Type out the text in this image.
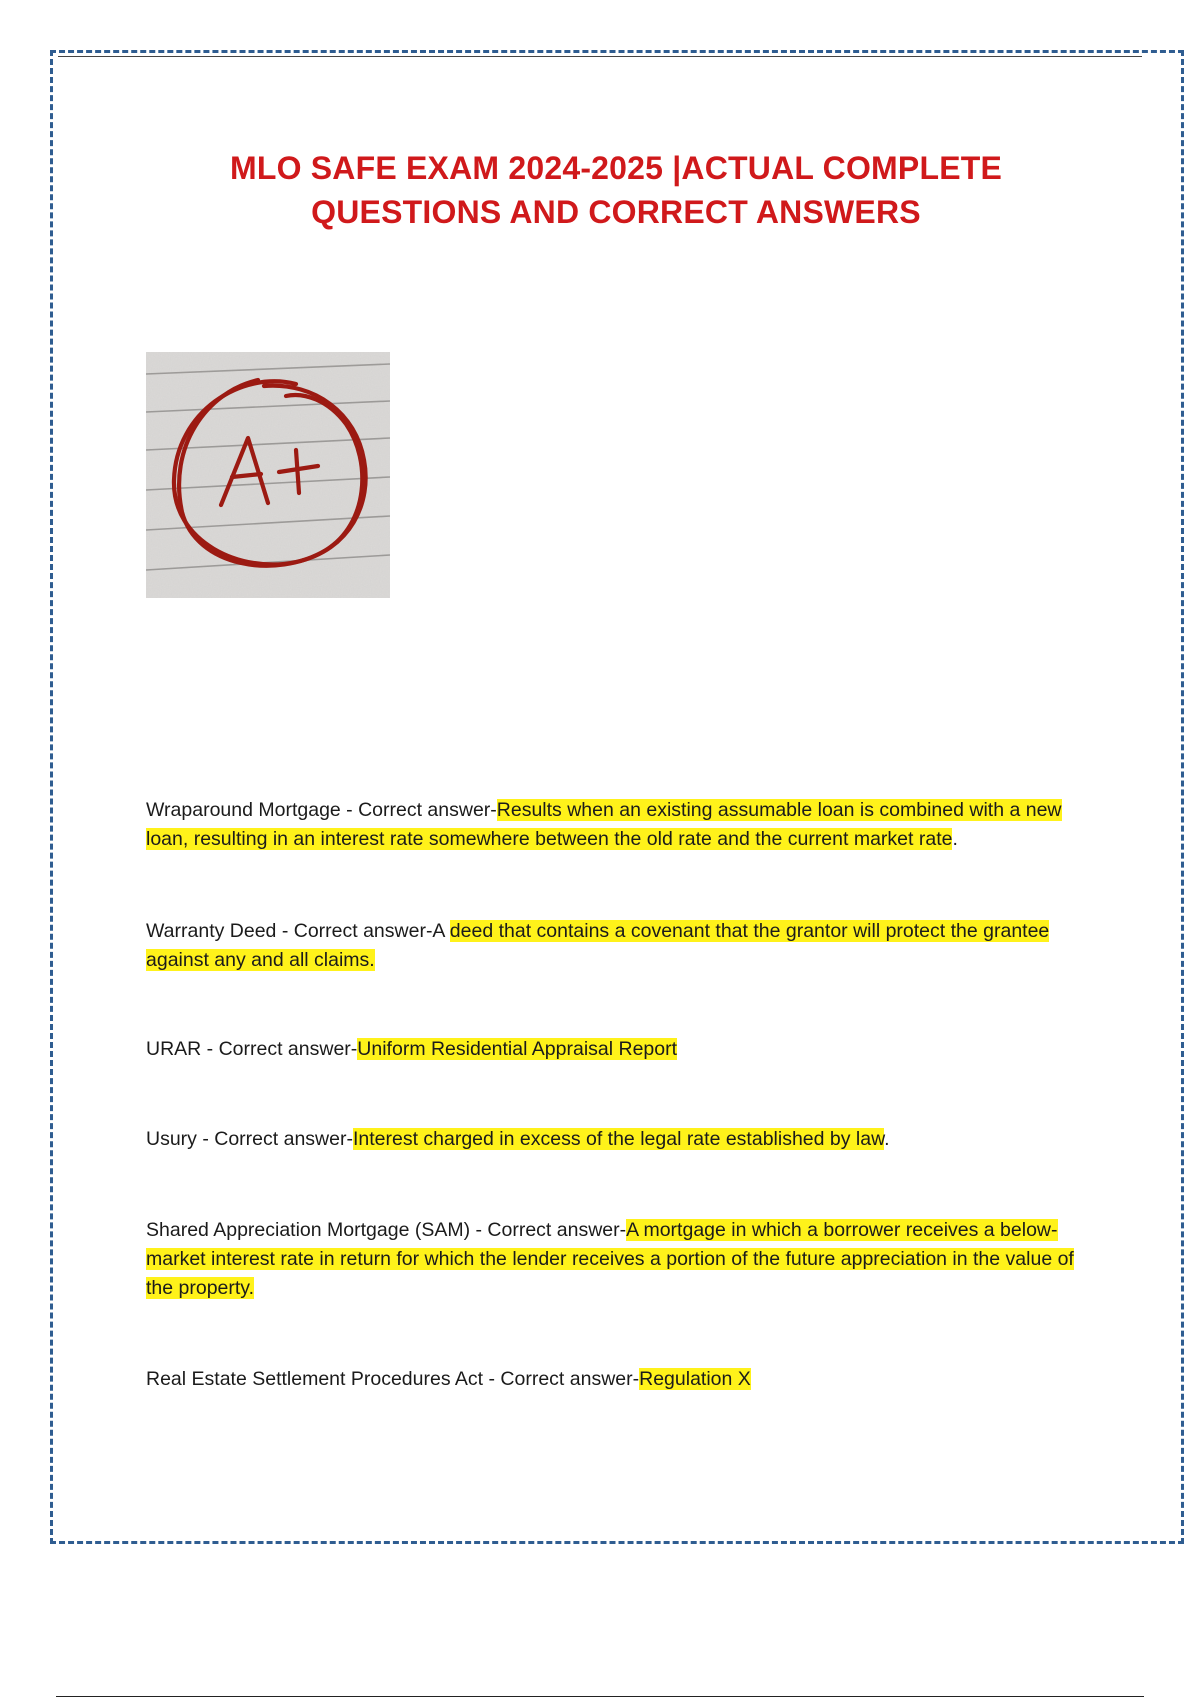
MLO SAFE EXAM 2024-2025 |ACTUAL COMPLETE
QUESTIONS AND CORRECT ANSWERS
Wraparound Mortgage - Correct answer-Results when an existing assumable loan is combined with a new loan, resulting in an interest rate somewhere between the old rate and the current market rate.
Warranty Deed - Correct answer-A deed that contains a covenant that the grantor will protect the grantee against any and all claims.
URAR - Correct answer-Uniform Residential Appraisal Report
Usury - Correct answer-Interest charged in excess of the legal rate established by law.
Shared Appreciation Mortgage (SAM) - Correct answer-A mortgage in which a borrower receives a below-market interest rate in return for which the lender receives a portion of the future appreciation in the value of the property.
Real Estate Settlement Procedures Act - Correct answer-Regulation X
